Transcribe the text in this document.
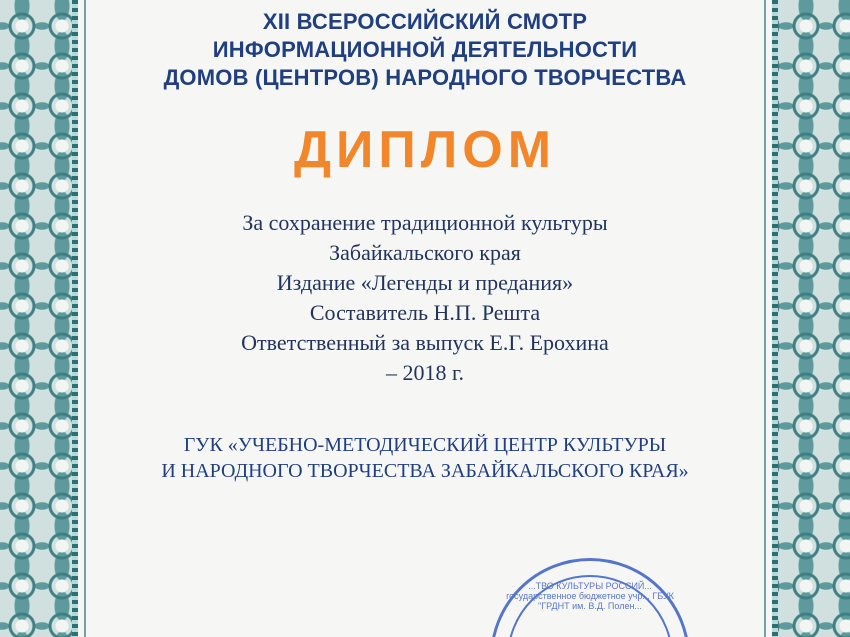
XII ВСЕРОССИЙСКИЙ СМОТР
ИНФОРМАЦИОННОЙ ДЕЯТЕЛЬНОСТИ
ДОМОВ (ЦЕНТРОВ) НАРОДНОГО ТВОРЧЕСТВА
ДИПЛОМ
За сохранение традиционной культуры
Забайкальского края
Издание «Легенды и предания»
Составитель Н.П. Решта
Ответственный за выпуск Е.Г. Ерохина
– 2018 г.
ГУК «УЧЕБНО-МЕТОДИЧЕСКИЙ ЦЕНТР КУЛЬТУРЫ
И НАРОДНОГО ТВОРЧЕСТВА ЗАБАЙКАЛЬСКОГО КРАЯ»
...ТВО КУЛЬТУРЫ РОССИЙ... государственное бюджетное учр... ГБУК "ГРДНТ им. В.Д. Полен...
